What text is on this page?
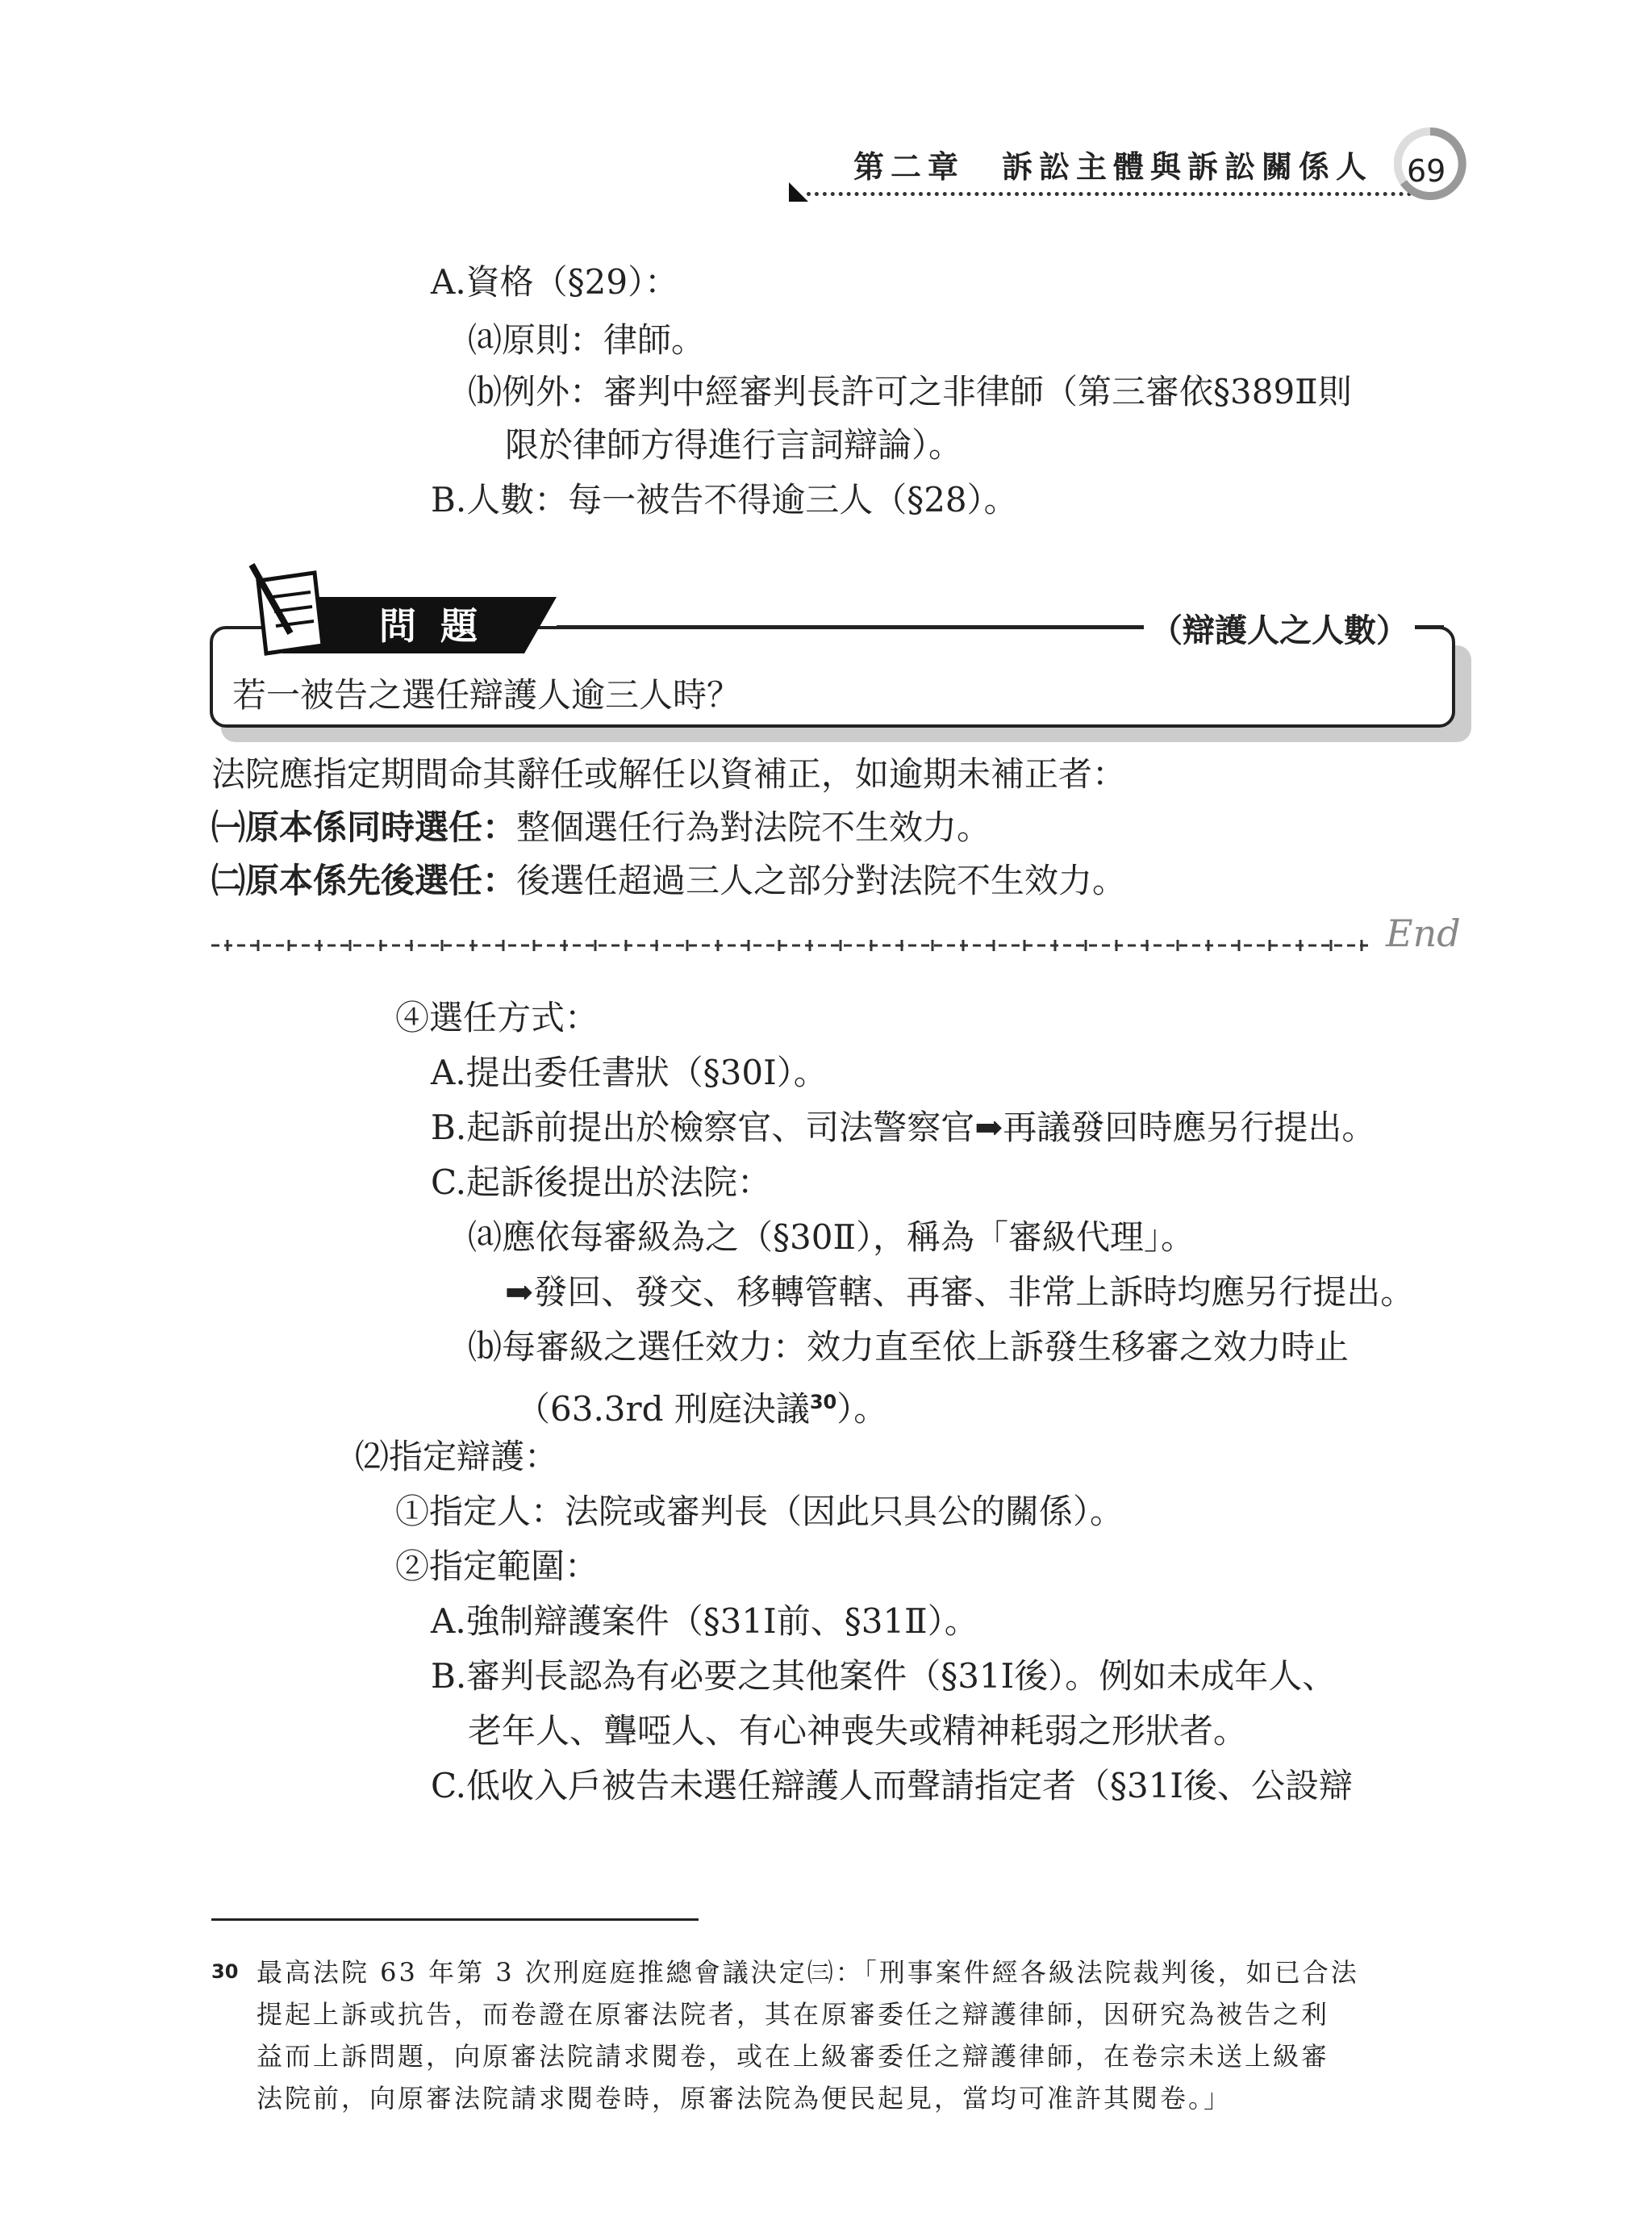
第二章　訴訟主體與訴訟關係人 69
A.資格（§29）：
⒜原則：律師。
⒝例外：審判中經審判長許可之非律師（第三審依§389Ⅱ則
限於律師方得進行言詞辯論）。
B.人數：每一被告不得逾三人（§28）。
問題	（辯護人之人數）
若一被告之選任辯護人逾三人時？
法院應指定期間命其辭任或解任以資補正，如逾期未補正者：
㈠原本係同時選任：整個選任行為對法院不生效力。
㈡原本係先後選任：後選任超過三人之部分對法院不生效力。
End
④選任方式：
A.提出委任書狀（§30Ⅰ）。
B.起訴前提出於檢察官、司法警察官➡再議發回時應另行提出。
C.起訴後提出於法院：
⒜應依每審級為之（§30Ⅱ），稱為「審級代理」。
➡發回、發交、移轉管轄、再審、非常上訴時均應另行提出。
⒝每審級之選任效力：效力直至依上訴發生移審之效力時止
（63.3rd 刑庭決議$^{30}$）。
⑵指定辯護：
①指定人：法院或審判長（因此只具公的關係）。
②指定範圍：
A.強制辯護案件（§31Ⅰ前、§31Ⅱ）。
B.審判長認為有必要之其他案件（§31Ⅰ後）。例如未成年人、
老年人、聾啞人、有心神喪失或精神耗弱之形狀者。
C.低收入戶被告未選任辯護人而聲請指定者（§31Ⅰ後、公設辯
30 最高法院 63 年第 3 次刑庭庭推總會議決定㈢：「刑事案件經各級法院裁判後，如已合法
提起上訴或抗告，而卷證在原審法院者，其在原審委任之辯護律師，因研究為被告之利
益而上訴問題，向原審法院請求閱卷，或在上級審委任之辯護律師，在卷宗未送上級審
法院前，向原審法院請求閱卷時，原審法院為便民起見，當均可准許其閱卷。」
